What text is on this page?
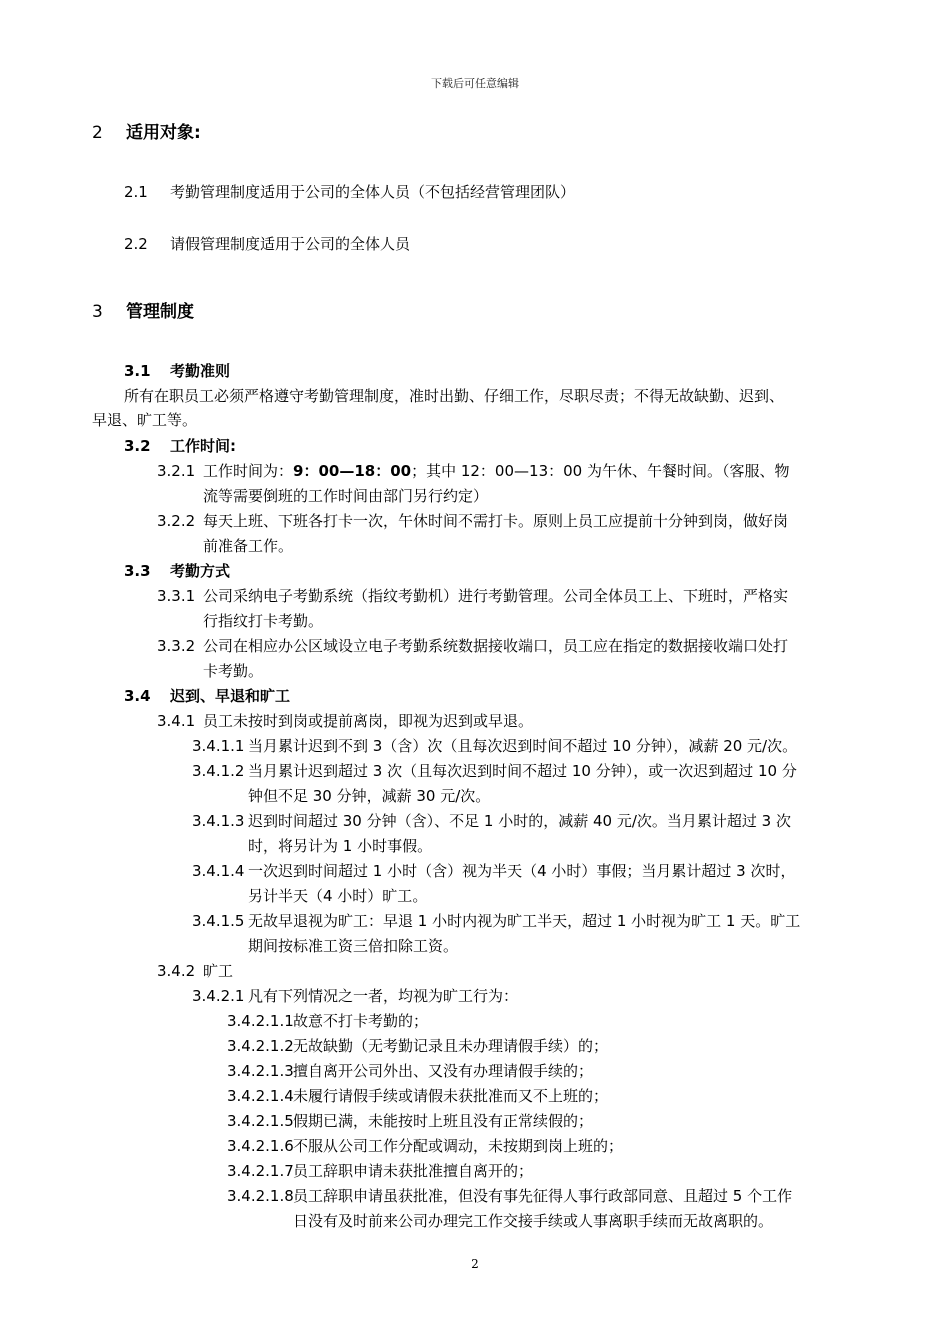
下载后可任意编辑
2 适用对象:
2.1 考勤管理制度适用于公司的全体人员（不包括经营管理团队）
2.2 请假管理制度适用于公司的全体人员
3 管理制度
3.1 考勤准则
所有在职员工必须严格遵守考勤管理制度，准时出勤、仔细工作，尽职尽责；不得无故缺勤、迟到、
早退、旷工等。
3.2 工作时间:
3.2.1 工作时间为：9：00—18：00；其中 12：00—13：00 为午休、午餐时间。（客服、物
流等需要倒班的工作时间由部门另行约定）
3.2.2 每天上班、下班各打卡一次，午休时间不需打卡。原则上员工应提前十分钟到岗，做好岗
前准备工作。
3.3 考勤方式
3.3.1 公司采纳电子考勤系统（指纹考勤机）进行考勤管理。公司全体员工上、下班时，严格实
行指纹打卡考勤。
3.3.2 公司在相应办公区域设立电子考勤系统数据接收端口，员工应在指定的数据接收端口处打
卡考勤。
3.4 迟到、早退和旷工
3.4.1 员工未按时到岗或提前离岗，即视为迟到或早退。
3.4.1.1 当月累计迟到不到 3（含）次（且每次迟到时间不超过 10 分钟），减薪 20 元/次。
3.4.1.2 当月累计迟到超过 3 次（且每次迟到时间不超过 10 分钟），或一次迟到超过 10 分
钟但不足 30 分钟，减薪 30 元/次。
3.4.1.3 迟到时间超过 30 分钟（含）、不足 1 小时的，减薪 40 元/次。当月累计超过 3 次
时，将另计为 1 小时事假。
3.4.1.4 一次迟到时间超过 1 小时（含）视为半天（4 小时）事假；当月累计超过 3 次时，
另计半天（4 小时）旷工。
3.4.1.5 无故早退视为旷工：早退 1 小时内视为旷工半天，超过 1 小时视为旷工 1 天。旷工
期间按标准工资三倍扣除工资。
3.4.2 旷工
3.4.2.1 凡有下列情况之一者，均视为旷工行为：
3.4.2.1.1故意不打卡考勤的；
3.4.2.1.2无故缺勤（无考勤记录且未办理请假手续）的；
3.4.2.1.3擅自离开公司外出、又没有办理请假手续的；
3.4.2.1.4未履行请假手续或请假未获批准而又不上班的；
3.4.2.1.5假期已满，未能按时上班且没有正常续假的；
3.4.2.1.6不服从公司工作分配或调动，未按期到岗上班的；
3.4.2.1.7员工辞职申请未获批准擅自离开的；
3.4.2.1.8员工辞职申请虽获批准，但没有事先征得人事行政部同意、且超过 5 个工作
日没有及时前来公司办理完工作交接手续或人事离职手续而无故离职的。
2
